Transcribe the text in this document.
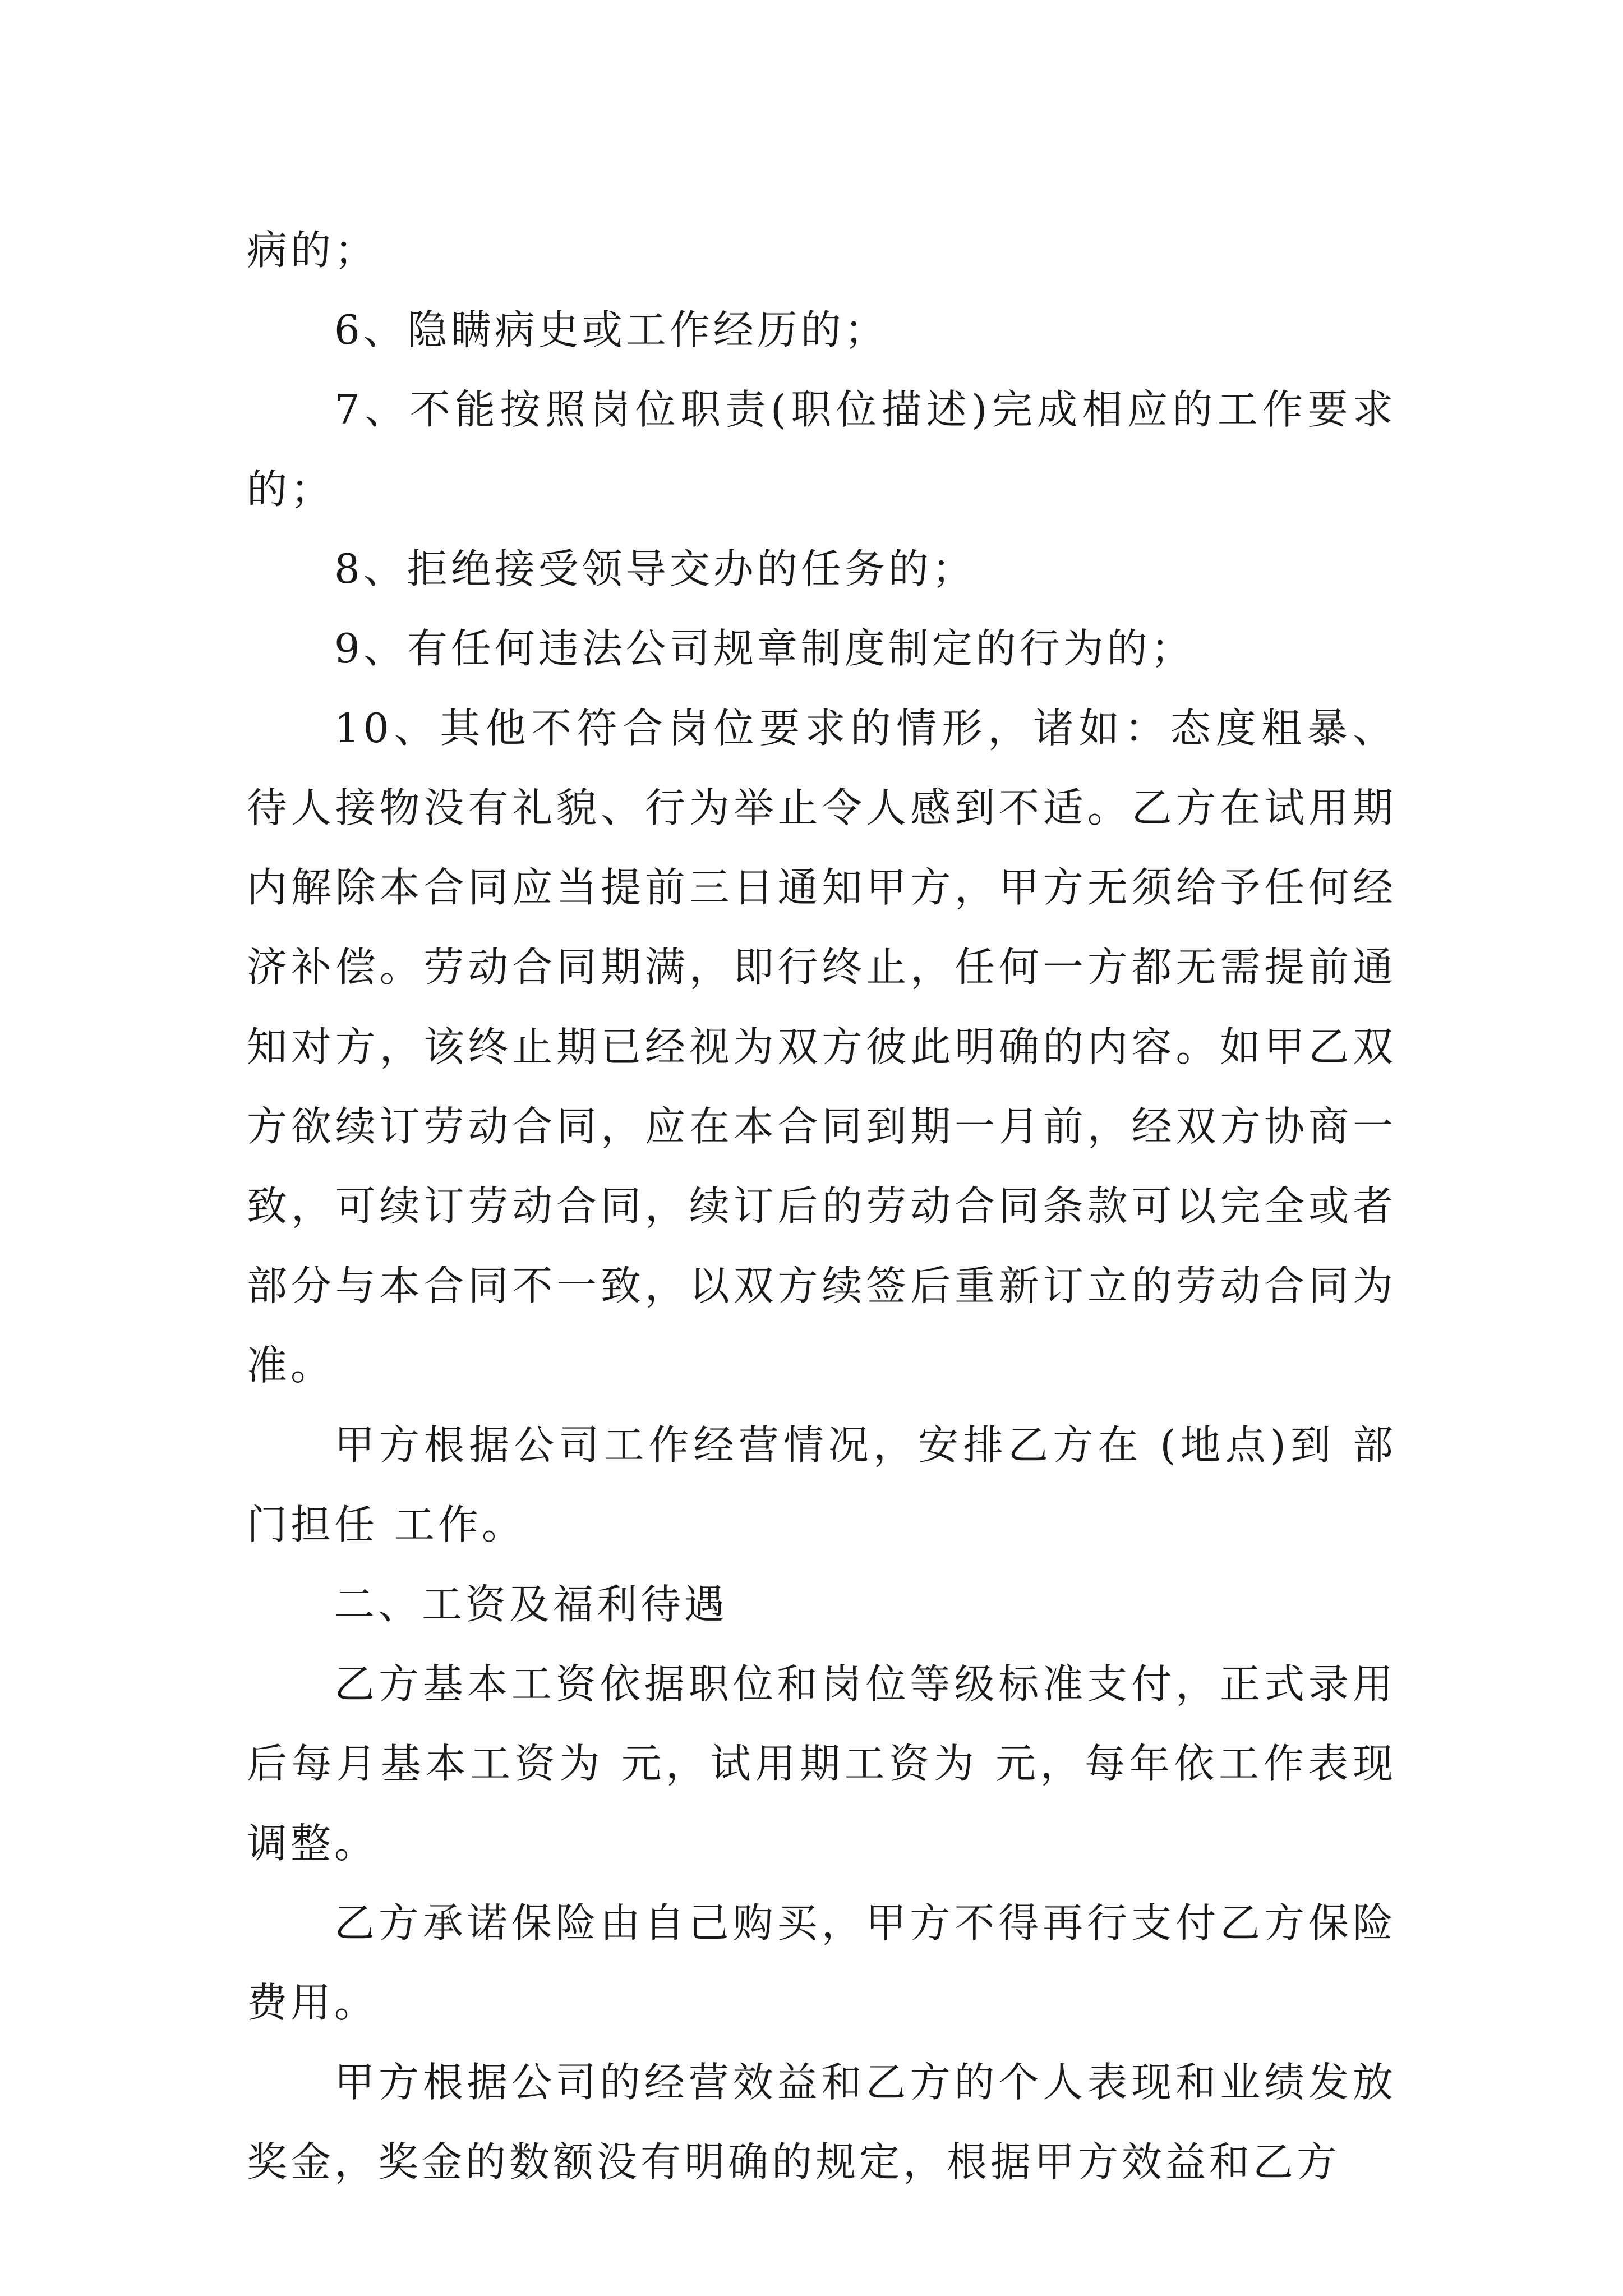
病的；

6、隐瞒病史或工作经历的；

7、不能按照岗位职责(职位描述)完成相应的工作要求的；

8、拒绝接受领导交办的任务的；

9、有任何违法公司规章制度制定的行为的；

10、其他不符合岗位要求的情形，诸如：态度粗暴、待人接物没有礼貌、行为举止令人感到不适。乙方在试用期内解除本合同应当提前三日通知甲方，甲方无须给予任何经济补偿。劳动合同期满，即行终止，任何一方都无需提前通知对方，该终止期已经视为双方彼此明确的内容。如甲乙双方欲续订劳动合同，应在本合同到期一月前，经双方协商一致，可续订劳动合同，续订后的劳动合同条款可以完全或者部分与本合同不一致，以双方续签后重新订立的劳动合同为准。

甲方根据公司工作经营情况，安排乙方在 (地点)到 部门担任 工作。

二、工资及福利待遇

乙方基本工资依据职位和岗位等级标准支付，正式录用后每月基本工资为 元，试用期工资为 元，每年依工作表现调整。

乙方承诺保险由自己购买，甲方不得再行支付乙方保险费用。

甲方根据公司的经营效益和乙方的个人表现和业绩发放奖金，奖金的数额没有明确的规定，根据甲方效益和乙方
